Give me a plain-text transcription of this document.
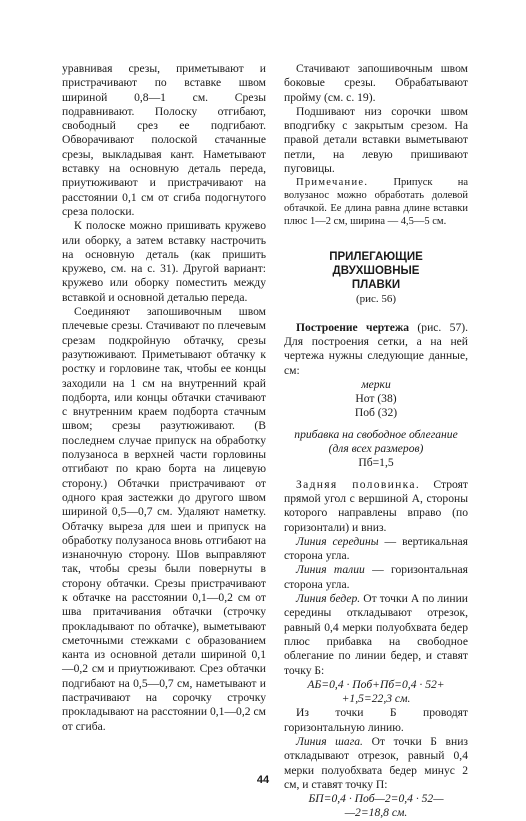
уравнивая срезы, приметывают и пристрачивают по вставке швом шириной 0,8—1 см. Срезы подравнивают. Полоску отгибают, свободный срез ее подгибают. Обворачивают полоской стачанные срезы, выкладывая кант. Наметывают вставку на основную деталь переда, приутюживают и пристрачивают на расстоянии 0,1 см от сгиба подогнутого среза полоски.

К полоске можно пришивать кружево или оборку, а затем вставку настрочить на основную деталь (как пришить кружево, см. на с. 31). Другой вариант: кружево или оборку поместить между вставкой и основной деталью переда.

Соединяют запошивочным швом плечевые срезы. Стачивают по плечевым срезам подкройную обтачку, срезы разутюживают. Приметывают обтачку к ростку и горловине так, чтобы ее концы заходили на 1 см на внутренний край подборта, или концы обтачки стачивают с внутренним краем подборта стачным швом; срезы разутюживают. (В последнем случае припуск на обработку полузаноса в верхней части горловины отгибают по краю борта на лицевую сторону.) Обтачки пристрачивают от одного края застежки до другого швом шириной 0,5—0,7 см. Удаляют наметку. Обтачку выреза для шеи и припуск на обработку полузаноса вновь отгибают на изнаночную сторону. Шов выправляют так, чтобы срезы были повернуты в сторону обтачки. Срезы пристрачивают к обтачке на расстоянии 0,1—0,2 см от шва притачивания обтачки (строчку прокладывают по обтачке), выметывают сметочными стежками с образованием канта из основной детали шириной 0,1—0,2 см и приутюживают. Срез обтачки подгибают на 0,5—0,7 см, наметывают и пастрачивают на сорочку строчку прокладывают на расстоянии 0,1—0,2 см от сгиба.

Стачивают запошивочным швом боковые срезы. Обрабатывают пройму (см. с. 19).

Подшивают низ сорочки швом вподгибку с закрытым срезом. На правой детали вставки выметывают петли, на левую пришивают пуговицы.

Примечание. Припуск на волузанос можно обработать долевой обтачкой. Ее длина равна длине вставки плюс 1—2 см, ширина — 4,5—5 см.

ПРИЛЕГАЮЩИЕ
ДВУХШОВНЫЕ
ПЛАВКИ
(рис. 56)

Построение чертежа (рис. 57). Для построения сетки, а на ней чертежа нужны следующие данные, см:

мерки
Нот (38)
Поб (32)
прибавка на свободное облегание (для всех размеров)
Пб=1,5

Задняя половинка. Строят прямой угол с вершиной А, стороны которого направлены вправо (по горизонтали) и вниз.

Линия середины — вертикальная сторона угла.

Линия талии — горизонтальная сторона угла.

Линия бедер. От точки А по линии середины откладывают отрезок, равный 0,4 мерки полуобхвата бедер плюс прибавка на свободное облегание по линии бедер, и ставят точку Б:

АБ=0,4 · Поб+Пб=0,4 · 52+
+1,5=22,3 см.

Из точки Б проводят горизонтальную линию.

Линия шага. От точки Б вниз откладывают отрезок, равный 0,4 мерки полуобхвата бедер минус 2 см, и ставят точку П:

БП=0,4 · Поб—2=0,4 · 52—
—2=18,8 см.
44
